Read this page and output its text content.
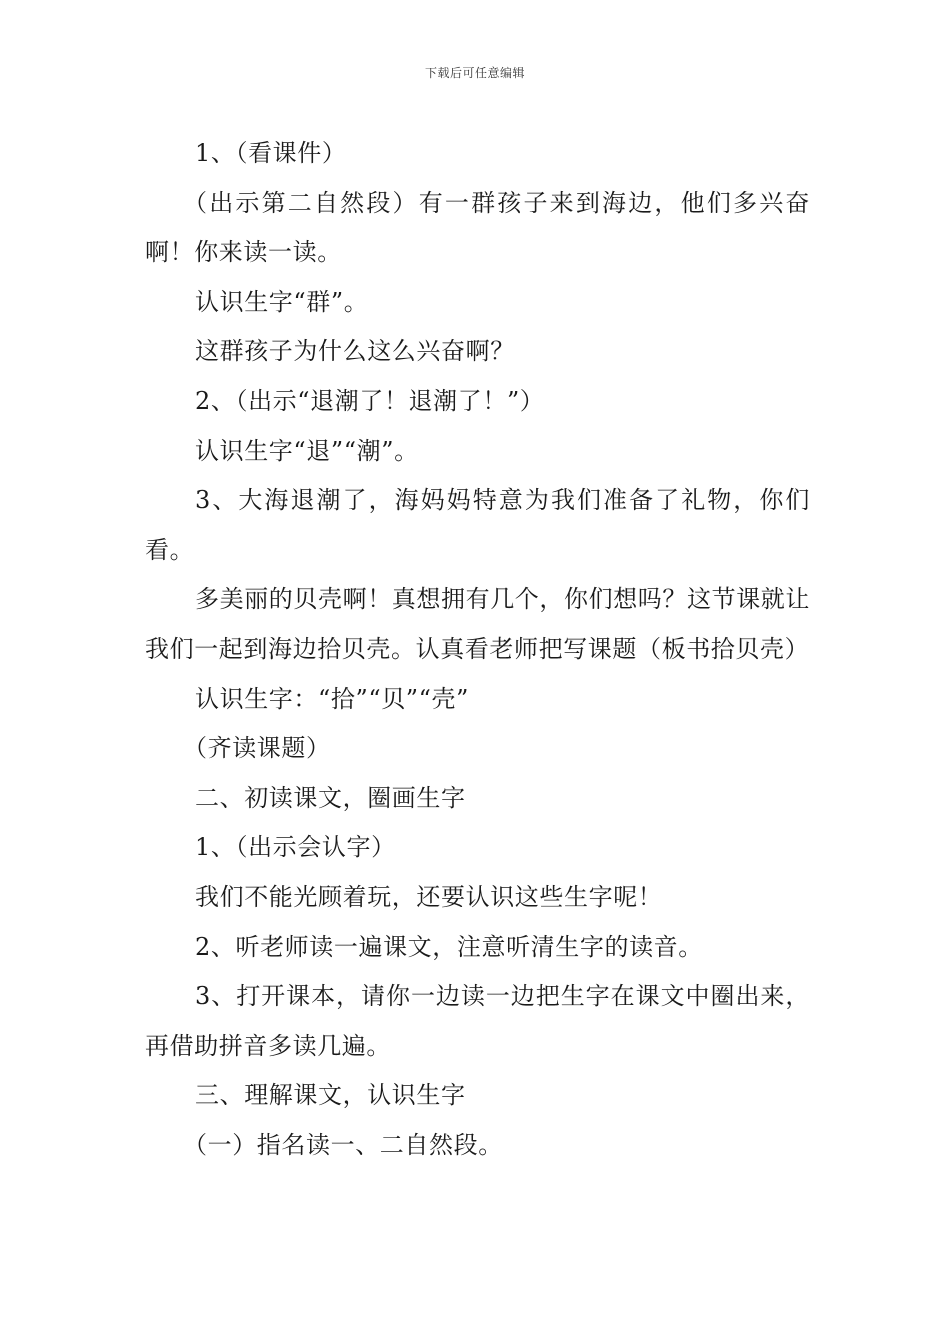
下载后可任意编辑

1、（看课件）

（出示第二自然段）有一群孩子来到海边，他们多兴奋啊！你来读一读。

认识生字“群”。

这群孩子为什么这么兴奋啊？

2、（出示“退潮了！退潮了！”）

认识生字“退”“潮”。

3、大海退潮了，海妈妈特意为我们准备了礼物，你们看。

多美丽的贝壳啊！真想拥有几个，你们想吗？这节课就让我们一起到海边拾贝壳。认真看老师把写课题（板书拾贝壳）

认识生字：“拾”“贝”“壳”

（齐读课题）

二、初读课文，圈画生字

1、（出示会认字）

我们不能光顾着玩，还要认识这些生字呢！

2、听老师读一遍课文，注意听清生字的读音。

3、打开课本，请你一边读一边把生字在课文中圈出来，再借助拼音多读几遍。

三、理解课文，认识生字

（一）指名读一、二自然段。
